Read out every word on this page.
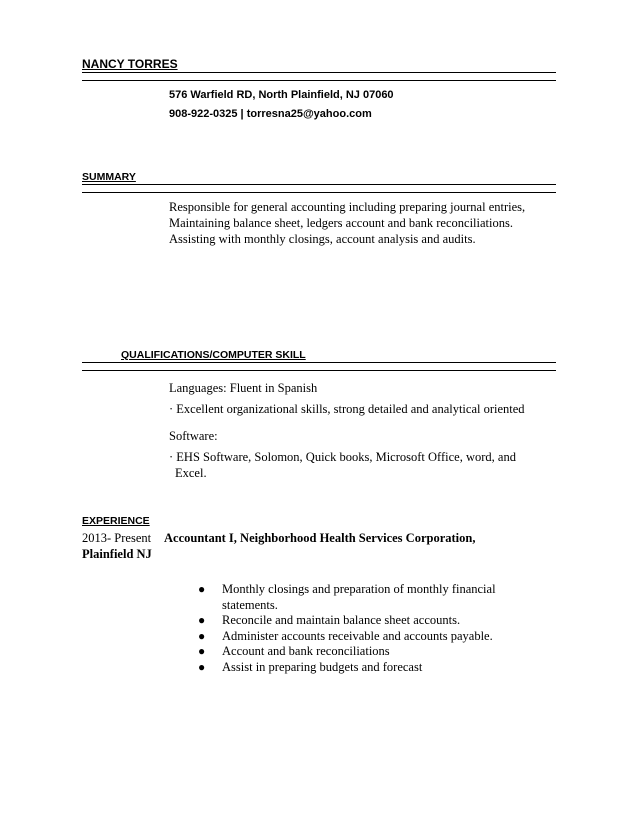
NANCY TORRES
576 Warfield RD, North Plainfield, NJ 07060
908-922-0325 | torresna25@yahoo.com
SUMMARY
Responsible for general accounting including preparing journal entries,
Maintaining balance sheet, ledgers account and bank reconciliations.
Assisting with monthly closings, account analysis and audits.
QUALIFICATIONS/COMPUTER SKILL
Languages: Fluent in Spanish
· Excellent organizational skills, strong detailed and analytical oriented
Software:
· EHS Software, Solomon, Quick books, Microsoft Office, word, and
Excel.
EXPERIENCE
2013- Present Accountant I, Neighborhood Health Services Corporation,
Plainfield NJ
● Monthly closings and preparation of monthly financial
statements.
● Reconcile and maintain balance sheet accounts.
● Administer accounts receivable and accounts payable.
● Account and bank reconciliations
● Assist in preparing budgets and forecast
